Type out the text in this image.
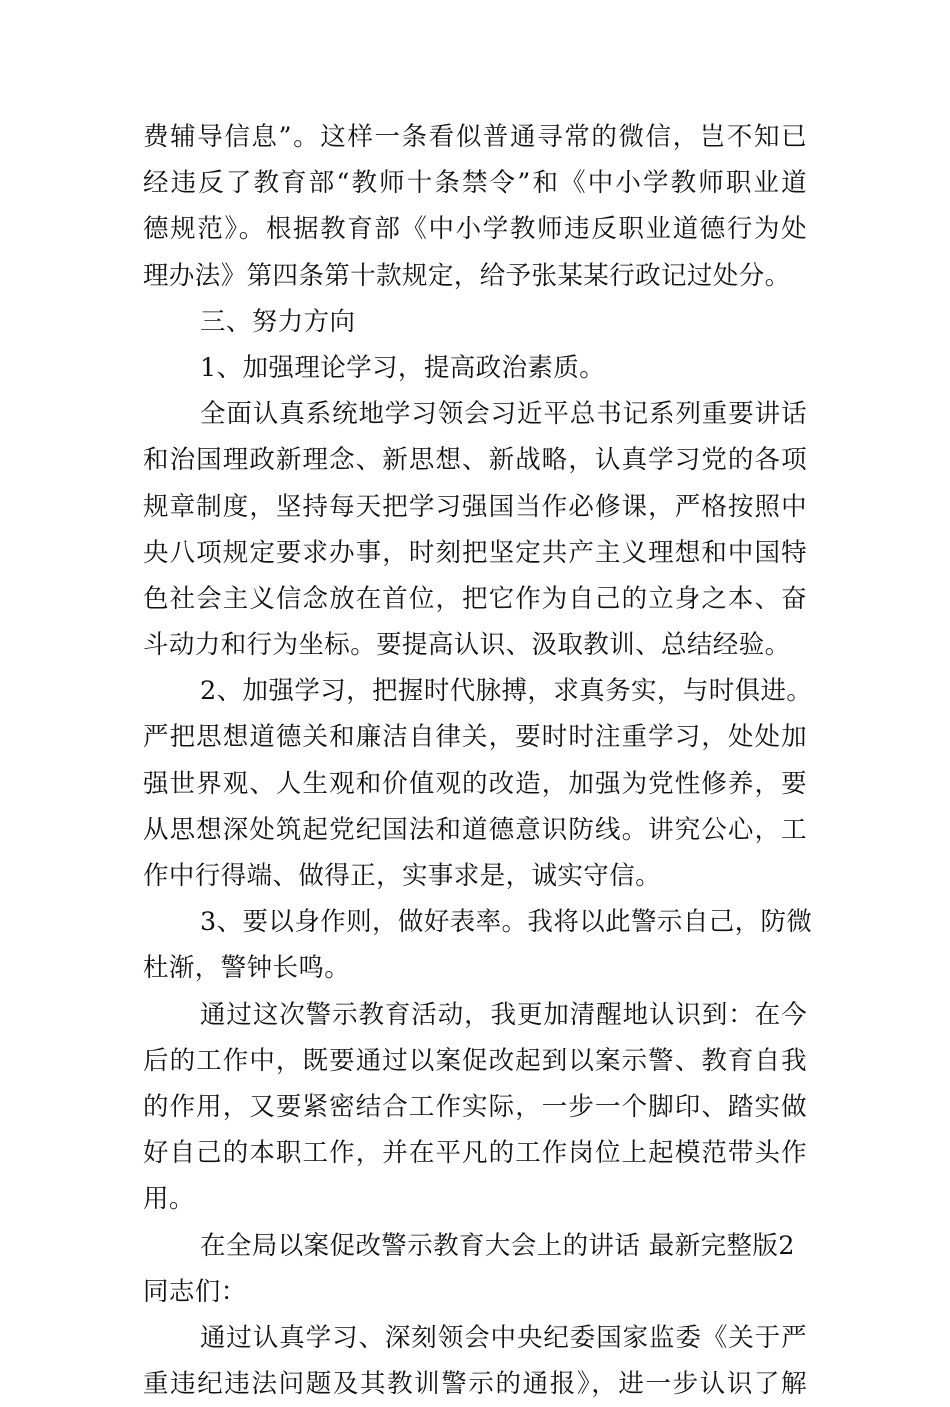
费辅导信息”。这样一条看似普通寻常的微信，岂不知已
经违反了教育部“教师十条禁令”和《中小学教师职业道
德规范》。根据教育部《中小学教师违反职业道德行为处
理办法》第四条第十款规定，给予张某某行政记过处分。
三、努力方向
1、加强理论学习，提高政治素质。
全面认真系统地学习领会习近平总书记系列重要讲话
和治国理政新理念、新思想、新战略，认真学习党的各项
规章制度，坚持每天把学习强国当作必修课，严格按照中
央八项规定要求办事，时刻把坚定共产主义理想和中国特
色社会主义信念放在首位，把它作为自己的立身之本、奋
斗动力和行为坐标。要提高认识、汲取教训、总结经验。
2、加强学习，把握时代脉搏，求真务实，与时俱进。
严把思想道德关和廉洁自律关，要时时注重学习，处处加
强世界观、人生观和价值观的改造，加强为党性修养，要
从思想深处筑起党纪国法和道德意识防线。讲究公心，工
作中行得端、做得正，实事求是，诚实守信。
3、要以身作则，做好表率。我将以此警示自己，防微
杜渐，警钟长鸣。
通过这次警示教育活动，我更加清醒地认识到：在今
后的工作中，既要通过以案促改起到以案示警、教育自我
的作用，又要紧密结合工作实际，一步一个脚印、踏实做
好自己的本职工作，并在平凡的工作岗位上起模范带头作
用。
在全局以案促改警示教育大会上的讲话 最新完整版2
同志们：
通过认真学习、深刻领会中央纪委国家监委《关于严
重违纪违法问题及其教训警示的通报》，进一步认识了解
